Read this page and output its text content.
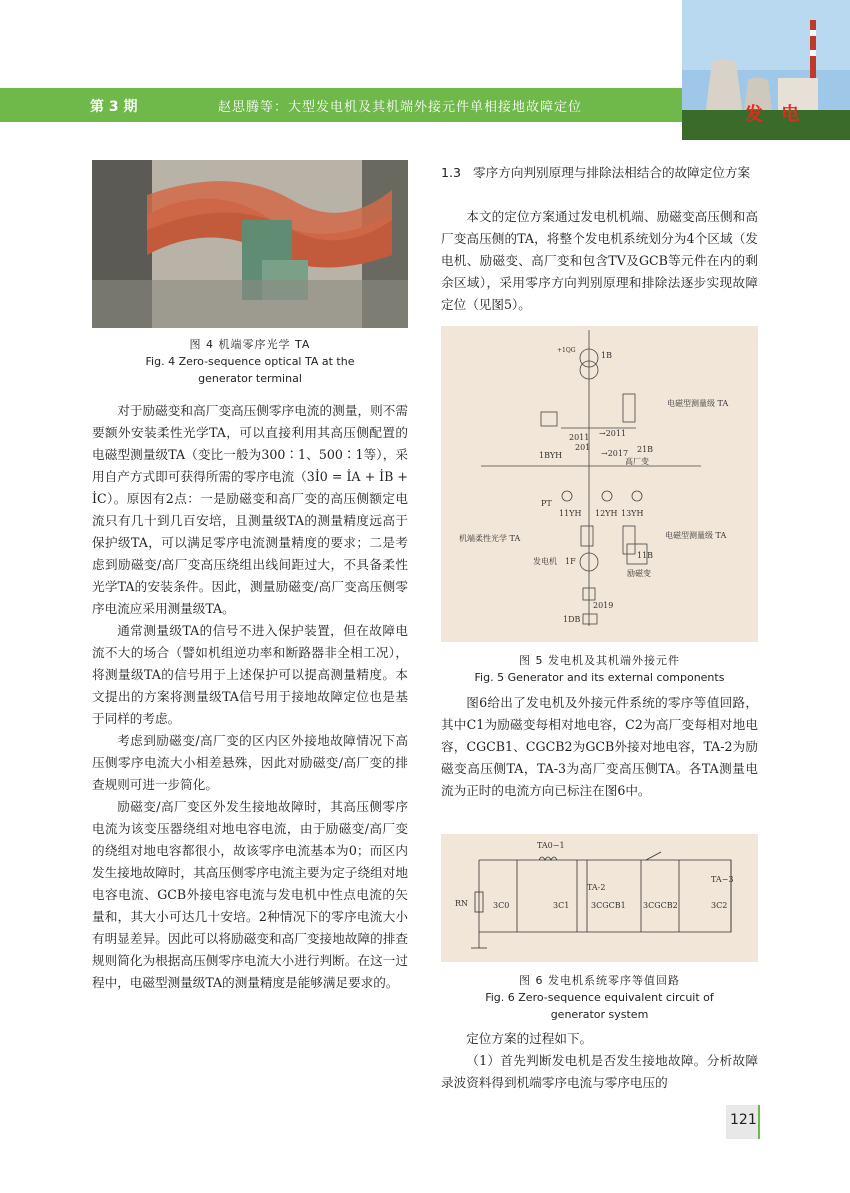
第 3 期	赵思腾等：大型发电机及其机端外接元件单相接地故障定位	发 电
图 4 机端零序光学 TA
Fig. 4 Zero-sequence optical TA at the generator terminal

对于励磁变和高厂变高压侧零序电流的测量，则不需要额外安装柔性光学TA，可以直接利用其高压侧配置的电磁型测量级TA（变比一般为300∶1、500∶1等），采用自产方式即可获得所需的零序电流（3İ0 = İA + İB + İC）。原因有2点：一是励磁变和高厂变的高压侧额定电流只有几十到几百安培，且测量级TA的测量精度远高于保护级TA，可以满足零序电流测量精度的要求；二是考虑到励磁变/高厂变高压绕组出线间距过大，不具备柔性光学TA的安装条件。因此，测量励磁变/高厂变高压侧零序电流应采用测量级TA。

通常测量级TA的信号不进入保护装置，但在故障电流不大的场合（譬如机组逆功率和断路器非全相工况），将测量级TA的信号用于上述保护可以提高测量精度。本文提出的方案将测量级TA信号用于接地故障定位也是基于同样的考虑。

考虑到励磁变/高厂变的区内区外接地故障情况下高压侧零序电流大小相差悬殊，因此对励磁变/高厂变的排查规则可进一步简化。

励磁变/高厂变区外发生接地故障时，其高压侧零序电流为该变压器绕组对地电容电流，由于励磁变/高厂变的绕组对地电容都很小，故该零序电流基本为0；而区内发生接地故障时，其高压侧零序电流主要为定子绕组对地电容电流、GCB外接电容电流与发电机中性点电流的矢量和，其大小可达几十安培。2种情况下的零序电流大小有明显差异。因此可以将励磁变和高厂变接地故障的排查规则简化为根据高压侧零序电流大小进行判断。在这一过程中，电磁型测量级TA的测量精度是能够满足要求的。

1.3 零序方向判别原理与排除法相结合的故障定位方案

本文的定位方案通过发电机机端、励磁变高压侧和高厂变高压侧的TA，将整个发电机系统划分为4个区域（发电机、励磁变、高厂变和包含TV及GCB等元件在内的剩余区域），采用零序方向判别原理和排除法逐步实现故障定位（见图5）。

1B
+1QG
电磁型测量级 TA
2011 →2011
201
→2017 21B
高厂变
1BYH
PT
11YH 12YH 13YH
机端柔性光学 TA	电磁型测量级 TA
发电机 1F
11B
励磁变
2019
1DB
图 5 发电机及其机端外接元件
Fig. 5 Generator and its external components

图6给出了发电机及外接元件系统的零序等值回路，其中C1为励磁变每相对地电容，C2为高厂变每相对地电容，CGCB1、CGCB2为GCB外接对地电容，TA-2为励磁变高压侧TA，TA-3为高厂变高压侧TA。各TA测量电流为正时的电流方向已标注在图6中。

TA0−1
TA-2
TA−3
RN	3C0	3C1	3CGCB1 3CGCB2	3C2
图 6 发电机系统零序等值回路
Fig. 6 Zero-sequence equivalent circuit of generator system

定位方案的过程如下。

（1）首先判断发电机是否发生接地故障。分析故障录波资料得到机端零序电流与零序电压的

121
